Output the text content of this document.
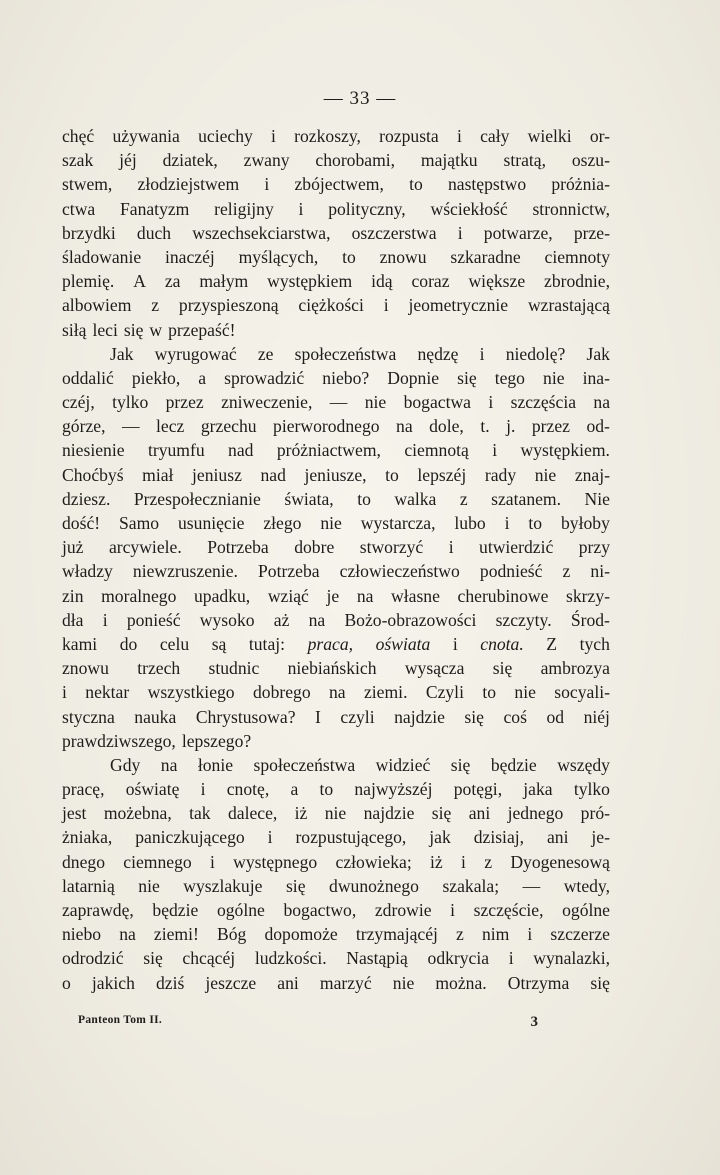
— 33 —
chęć używania uciechy i rozkoszy, rozpusta i cały wielki or-
szak jéj dziatek, zwany chorobami, majątku stratą, oszu-
stwem, złodziejstwem i zbójectwem, to następstwo próżnia-
ctwa Fanatyzm religijny i polityczny, wściekłość stronnictw,
brzydki duch wszechsekciarstwa, oszczerstwa i potwarze, prze-
śladowanie inaczéj myślących, to znowu szkaradne ciemnoty
plemię. A za małym występkiem idą coraz większe zbrodnie,
albowiem z przyspieszoną ciężkości i jeometrycznie wzrastającą
siłą leci się w przepaść!
Jak wyrugować ze społeczeństwa nędzę i niedolę? Jak
oddalić piekło, a sprowadzić niebo? Dopnie się tego nie ina-
czéj, tylko przez zniweczenie, — nie bogactwa i szczęścia na
górze, — lecz grzechu pierworodnego na dole, t. j. przez od-
niesienie tryumfu nad próżniactwem, ciemnotą i występkiem.
Choćbyś miał jeniusz nad jeniusze, to lepszéj rady nie znaj-
dziesz. Przespołecznianie świata, to walka z szatanem. Nie
dość! Samo usunięcie złego nie wystarcza, lubo i to byłoby
już arcywiele. Potrzeba dobre stworzyć i utwierdzić przy
władzy niewzruszenie. Potrzeba człowieczeństwo podnieść z ni-
zin moralnego upadku, wziąć je na własne cherubinowe skrzy-
dła i ponieść wysoko aż na Bożo-obrazowości szczyty. Środ-
kami do celu są tutaj: praca, oświata i cnota. Z tych
znowu trzech studnic niebiańskich wysącza się ambrozya
i nektar wszystkiego dobrego na ziemi. Czyli to nie socyali-
styczna nauka Chrystusowa? I czyli najdzie się coś od niéj
prawdziwszego, lepszego?
Gdy na łonie społeczeństwa widzieć się będzie wszędy
pracę, oświatę i cnotę, a to najwyższéj potęgi, jaka tylko
jest możebna, tak dalece, iż nie najdzie się ani jednego pró-
żniaka, paniczkującego i rozpustującego, jak dzisiaj, ani je-
dnego ciemnego i występnego człowieka; iż i z Dyogenesową
latarnią nie wyszlakuje się dwunożnego szakala; — wtedy,
zaprawdę, będzie ogólne bogactwo, zdrowie i szczęście, ogólne
niebo na ziemi! Bóg dopomoże trzymającéj z nim i szczerze
odrodzić się chcącéj ludzkości. Nastąpią odkrycia i wynalazki,
o jakich dziś jeszcze ani marzyć nie można. Otrzyma się
Panteon Tom II.	3
